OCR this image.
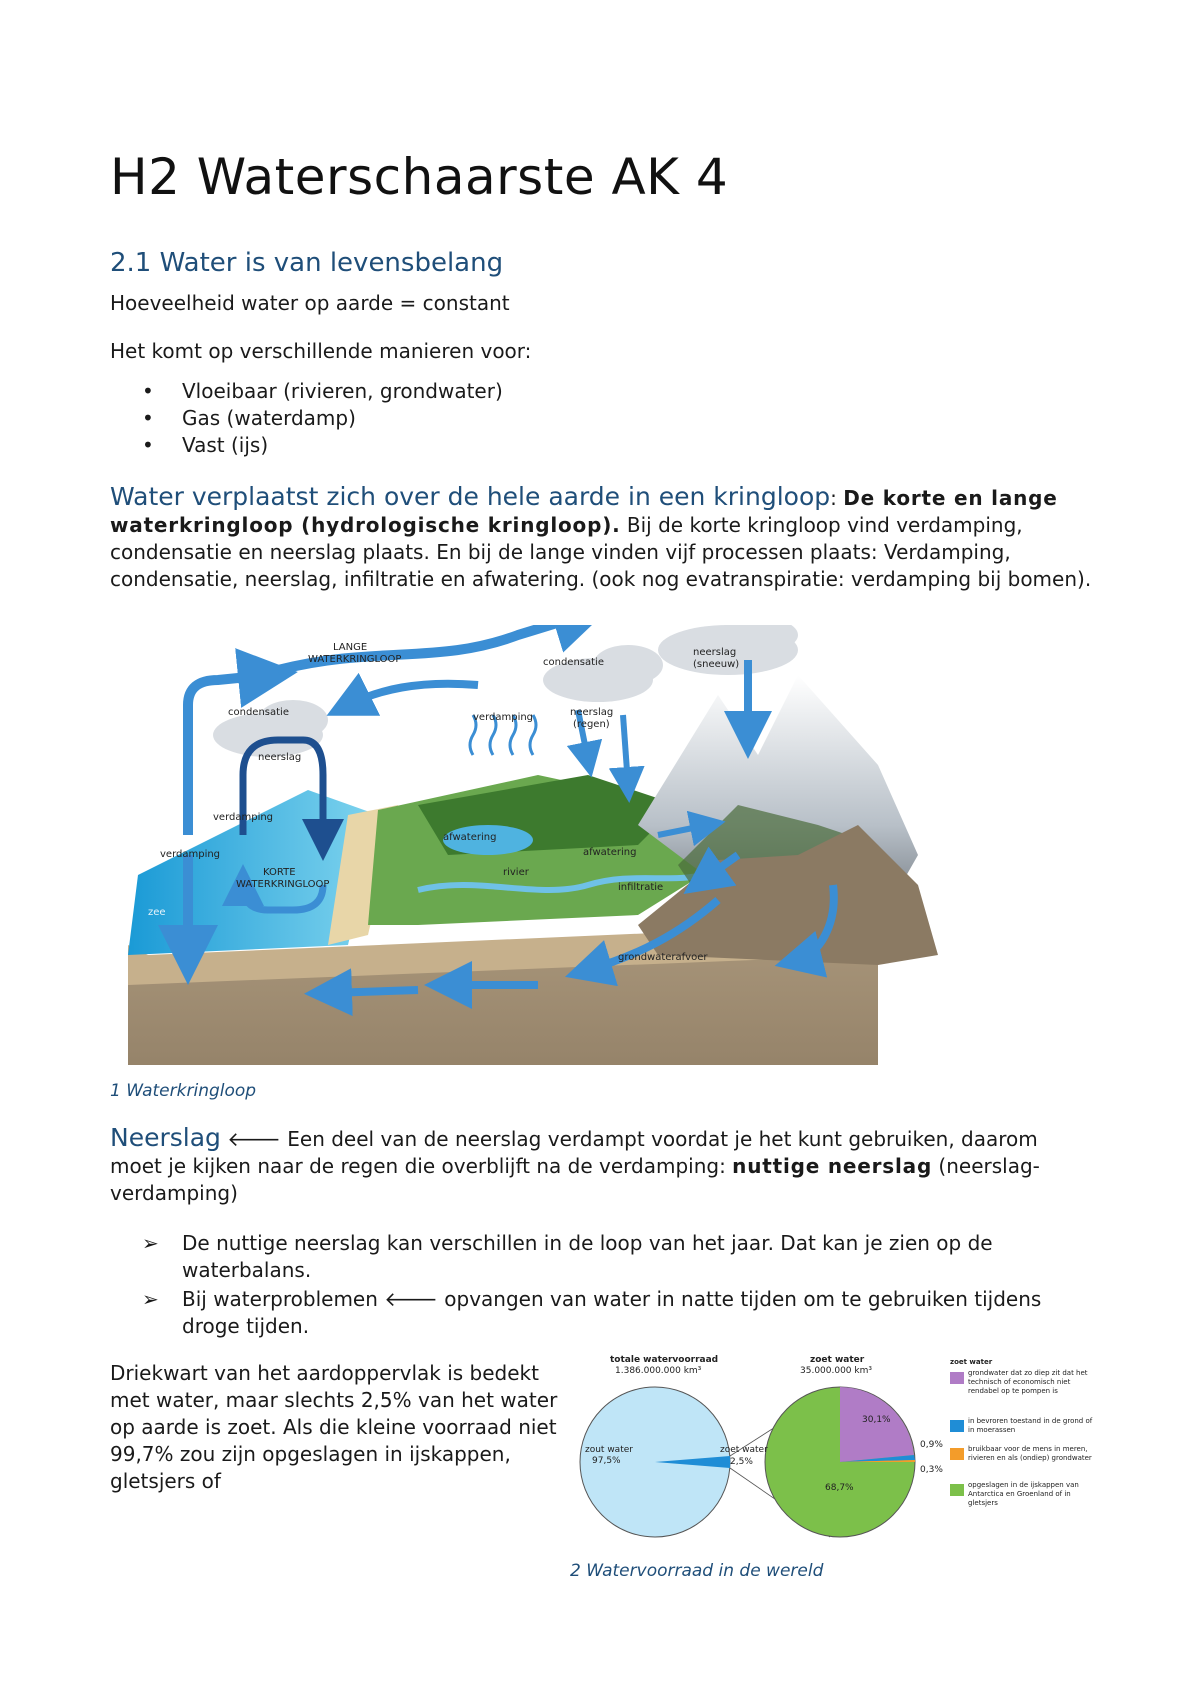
H2 Waterschaarste AK 4
2.1 Water is van levensbelang

Hoeveelheid water op aarde = constant

Het komt op verschillende manieren voor:

• Vloeibaar (rivieren, grondwater)
• Gas (waterdamp)
• Vast (ijs)

Water verplaatst zich over de hele aarde in een kringloop: De korte en lange waterkringloop (hydrologische kringloop). Bij de korte kringloop vind verdamping, condensatie en neerslag plaats. En bij de lange vinden vijf processen plaats: Verdamping, condensatie, neerslag, infiltratie en afwatering. (ook nog evatranspiratie: verdamping bij bomen).

LANGE
WATERKRINGLOOP
condensatie
condensatie
verdamping
neerslag
neerslag
(regen)
neerslag
(sneeuw)
verdamping
verdamping
KORTE
WATERKRINGLOOP
afwatering
afwatering
rivier
infiltratie
grondwaterafvoer
zee
1 Waterkringloop

Neerslag 🡐 Een deel van de neerslag verdampt voordat je het kunt gebruiken, daarom moet je kijken naar de regen die overblijft na de verdamping: nuttige neerslag (neerslag-verdamping)

➢ De nuttige neerslag kan verschillen in de loop van het jaar. Dat kan je zien op de waterbalans.
➢ Bij waterproblemen 🡐 opvangen van water in natte tijden om te gebruiken tijdens droge tijden.

Driekwart van het aardoppervlak is bedekt met water, maar slechts 2,5% van het water op aarde is zoet. Als die kleine voorraad niet 99,7% zou zijn opgeslagen in ijskappen, gletsjers of

totale watervoorraad
1.386.000.000 km³
zoet water
35.000.000 km³
zout water
97,5%
zoet water
2,5%
30,1%
68,7%
0,9%
0,3%
zoet water
grondwater dat zo diep zit dat het technisch of economisch niet rendabel op te pompen is
in bevroren toestand in de grond of in moerassen
bruikbaar voor de mens in meren, rivieren en als (ondiep) grondwater
opgeslagen in de ijskappen van Antarctica en Groenland of in gletsjers
2 Watervoorraad in de wereld
